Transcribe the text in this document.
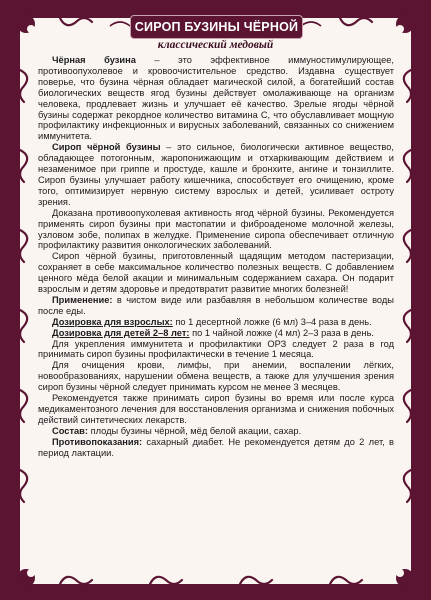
СИРОП БУЗИНЫ ЧЁРНОЙ
классический медовый

Чёрная бузина – это эффективное иммуностимулирующее, противоопухолевое и кровоочистительное средство. Издавна существует поверье, что бузина чёрная обладает магической силой, а богатейший состав биологических веществ ягод бузины действует омолаживающе на организм человека, продлевает жизнь и улучшает её качество. Зрелые ягоды чёрной бузины содержат рекордное количество витамина С, что обуславливает мощную профилактику инфекционных и вирусных заболеваний, связанных со снижением иммунитета.

Сироп чёрной бузины – это сильное, биологически активное вещество, обладающее потогонным, жаропонижающим и отхаркивающим действием и незаменимое при гриппе и простуде, кашле и бронхите, ангине и тонзиллите. Сироп бузины улучшает работу кишечника, способствует его очищению, кроме того, оптимизирует нервную систему взрослых и детей, усиливает остроту зрения.

Доказана противоопухолевая активность ягод чёрной бузины. Рекомендуется применять сироп бузины при мастопатии и фиброаденоме молочной железы, узловом зобе, полипах в желудке. Применение сиропа обеспечивает отличную профилактику развития онкологических заболеваний.

Сироп чёрной бузины, приготовленный щадящим методом пастеризации, сохраняет в себе максимальное количество полезных веществ. С добавлением ценного мёда белой акации и минимальным содержанием сахара. Он подарит взрослым и детям здоровье и предотвратит развитие многих болезней!

Применение: в чистом виде или разбавляя в небольшом количестве воды после еды.

Дозировка для взрослых: по 1 десертной ложке (6 мл) 3–4 раза в день.

Дозировка для детей 2–8 лет: по 1 чайной ложке (4 мл) 2–3 раза в день.

Для укрепления иммунитета и профилактики ОРЗ следует 2 раза в год принимать сироп бузины профилактически в течение 1 месяца.

Для очищения крови, лимфы, при анемии, воспалении лёгких, новообразованиях, нарушении обмена веществ, а также для улучшения зрения сироп бузины чёрной следует принимать курсом не менее 3 месяцев.

Рекомендуется также принимать сироп бузины во время или после курса медикаментозного лечения для восстановления организма и снижения побочных действий синтетических лекарств.

Состав: плоды бузины чёрной, мёд белой акации, сахар.

Противопоказания: сахарный диабет. Не рекомендуется детям до 2 лет, в период лактации.
